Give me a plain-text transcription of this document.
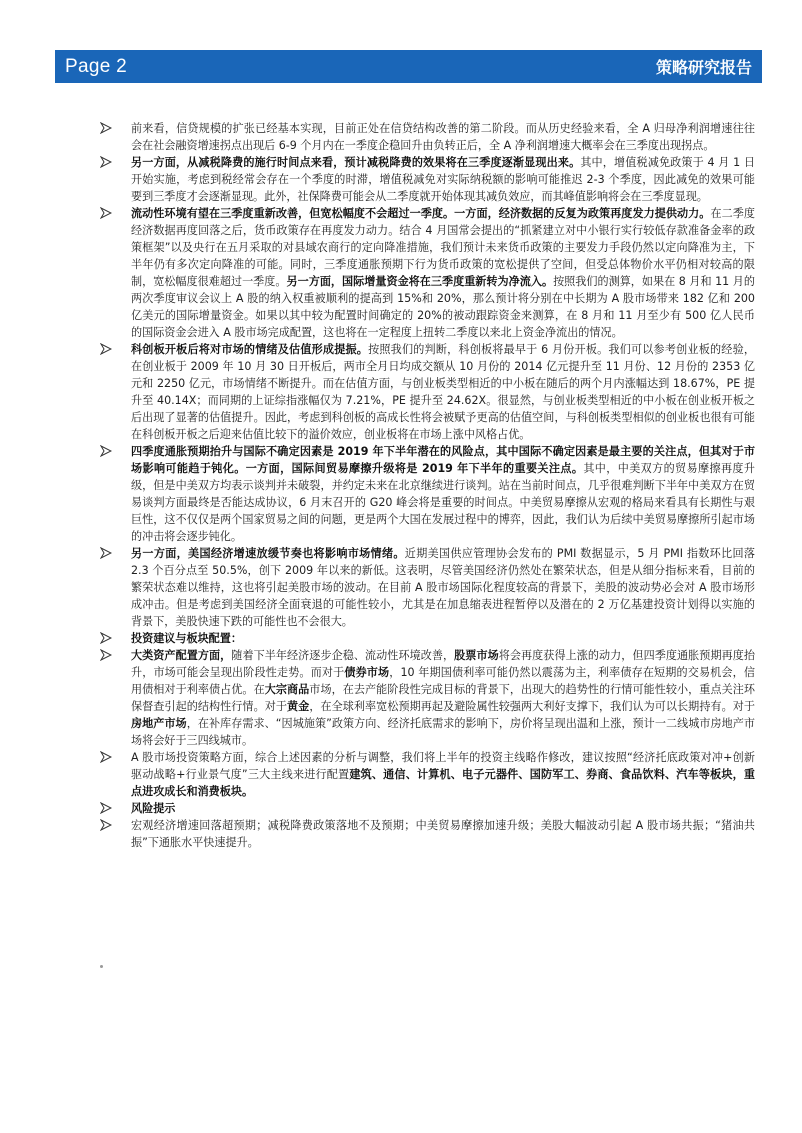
Page 2	策略研究报告
前来看，信贷规模的扩张已经基本实现，目前正处在信贷结构改善的第二阶段。而从历史经验来看，全 A 归母净利润增速往往会在社会融资增速拐点出现后 6-9 个月内在一季度企稳回升由负转正后，全 A 净利润增速大概率会在三季度出现拐点。
另一方面，从减税降费的施行时间点来看，预计减税降费的效果将在三季度逐渐显现出来。其中，增值税减免政策于 4 月 1 日开始实施，考虑到税经常会存在一个季度的时滞，增值税减免对实际纳税额的影响可能推迟 2-3 个季度，因此减免的效果可能要到三季度才会逐渐显现。此外，社保降费可能会从二季度就开始体现其减负效应，而其峰值影响将会在三季度显现。
流动性环境有望在三季度重新改善，但宽松幅度不会超过一季度。一方面，经济数据的反复为政策再度发力提供动力。在二季度经济数据再度回落之后，货币政策存在再度发力动力。结合 4 月国常会提出的“抓紧建立对中小银行实行较低存款准备金率的政策框架”以及央行在五月采取的对县域农商行的定向降准措施，我们预计未来货币政策的主要发力手段仍然以定向降准为主，下半年仍有多次定向降准的可能。同时，三季度通胀预期下行为货币政策的宽松提供了空间，但受总体物价水平仍相对较高的限制，宽松幅度很难超过一季度。另一方面，国际增量资金将在三季度重新转为净流入。按照我们的测算，如果在 8 月和 11 月的两次季度审议会议上 A 股的纳入权重被顺利的提高到 15%和 20%，那么预计将分别在中长期为 A 股市场带来 182 亿和 200 亿美元的国际增量资金。如果以其中较为配置时间确定的 20%的被动跟踪资金来测算，在 8 月和 11 月至少有 500 亿人民币的国际资金会进入 A 股市场完成配置，这也将在一定程度上扭转二季度以来北上资金净流出的情况。
科创板开板后将对市场的情绪及估值形成提振。按照我们的判断，科创板将最早于 6 月份开板。我们可以参考创业板的经验，在创业板于 2009 年 10 月 30 日开板后，两市全月日均成交额从 10 月份的 2014 亿元提升至 11 月份、12 月份的 2353 亿元和 2250 亿元，市场情绪不断提升。而在估值方面，与创业板类型相近的中小板在随后的两个月内涨幅达到 18.67%，PE 提升至 40.14X；而同期的上证综指涨幅仅为 7.21%，PE 提升至 24.62X。很显然，与创业板类型相近的中小板在创业板开板之后出现了显著的估值提升。因此，考虑到科创板的高成长性将会被赋予更高的估值空间，与科创板类型相似的创业板也很有可能在科创板开板之后迎来估值比较下的溢价效应，创业板将在市场上涨中风格占优。
四季度通胀预期抬升与国际不确定因素是 2019 年下半年潜在的风险点，其中国际不确定因素是最主要的关注点，但其对于市场影响可能趋于钝化。一方面，国际间贸易摩擦升级将是 2019 年下半年的重要关注点。其中，中美双方的贸易摩擦再度升级，但是中美双方均表示谈判并未破裂，并约定未来在北京继续进行谈判。站在当前时间点，几乎很难判断下半年中美双方在贸易谈判方面最终是否能达成协议，6 月末召开的 G20 峰会将是重要的时间点。中美贸易摩擦从宏观的格局来看具有长期性与艰巨性，这不仅仅是两个国家贸易之间的问题，更是两个大国在发展过程中的博弈，因此，我们认为后续中美贸易摩擦所引起市场的冲击将会逐步钝化。
另一方面，美国经济增速放缓节奏也将影响市场情绪。近期美国供应管理协会发布的 PMI 数据显示，5 月 PMI 指数环比回落 2.3 个百分点至 50.5%，创下 2009 年以来的新低。这表明，尽管美国经济仍然处在繁荣状态，但是从细分指标来看，目前的繁荣状态难以维持，这也将引起美股市场的波动。在目前 A 股市场国际化程度较高的背景下，美股的波动势必会对 A 股市场形成冲击。但是考虑到美国经济全面衰退的可能性较小，尤其是在加息缩表进程暂停以及潜在的 2 万亿基建投资计划得以实施的背景下，美股快速下跌的可能性也不会很大。
投资建议与板块配置：
大类资产配置方面，随着下半年经济逐步企稳、流动性环境改善，股票市场将会再度获得上涨的动力，但四季度通胀预期再度抬升，市场可能会呈现出阶段性走势。而对于债券市场，10 年期国债利率可能仍然以震荡为主，利率债存在短期的交易机会，信用债相对于利率债占优。在大宗商品市场，在去产能阶段性完成目标的背景下，出现大的趋势性的行情可能性较小，重点关注环保督查引起的结构性行情。对于黄金，在全球利率宽松预期再起及避险属性较强两大利好支撑下，我们认为可以长期持有。对于房地产市场，在补库存需求、“因城施策”政策方向、经济托底需求的影响下，房价将呈现出温和上涨，预计一二线城市房地产市场将会好于三四线城市。
A 股市场投资策略方面，综合上述因素的分析与调整，我们将上半年的投资主线略作修改，建议按照“经济托底政策对冲+创新驱动战略+行业景气度”三大主线来进行配置建筑、通信、计算机、电子元器件、国防军工、券商、食品饮料、汽车等板块，重点进攻成长和消费板块。
风险提示
宏观经济增速回落超预期；减税降费政策落地不及预期；中美贸易摩擦加速升级；美股大幅波动引起 A 股市场共振；“猪油共振”下通胀水平快速提升。
